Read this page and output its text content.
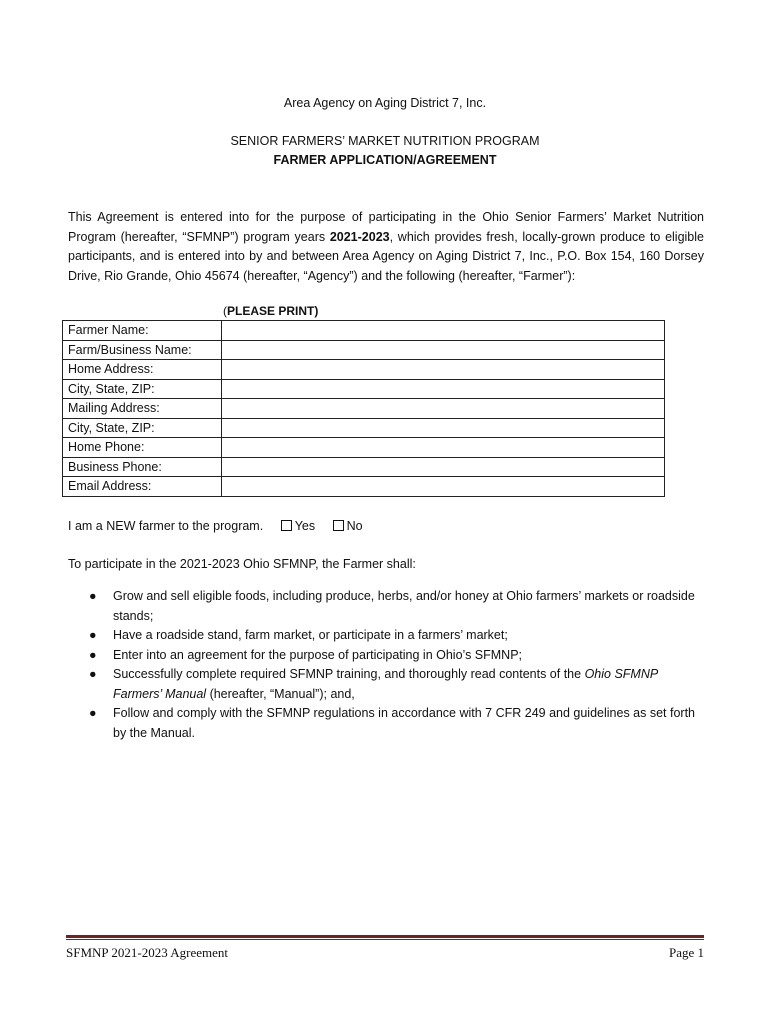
Area Agency on Aging District 7, Inc.
SENIOR FARMERS’ MARKET NUTRITION PROGRAM
FARMER APPLICATION/AGREEMENT
This Agreement is entered into for the purpose of participating in the Ohio Senior Farmers’ Market Nutrition Program (hereafter, “SFMNP”) program years 2021-2023, which provides fresh, locally-grown produce to eligible participants, and is entered into by and between Area Agency on Aging District 7, Inc., P.O. Box 154, 160 Dorsey Drive, Rio Grande, Ohio 45674 (hereafter, “Agency”) and the following (hereafter, “Farmer”):
(PLEASE PRINT)
Farmer Name:	
Farm/Business Name:	
Home Address:	
City, State, ZIP:	
Mailing Address:	
City, State, ZIP:	
Home Phone:	
Business Phone:	
Email Address:	
I am a NEW farmer to the program.	Yes	No
To participate in the 2021-2023 Ohio SFMNP, the Farmer shall:
● Grow and sell eligible foods, including produce, herbs, and/or honey at Ohio farmers’ markets or roadside stands;
● Have a roadside stand, farm market, or participate in a farmers’ market;
● Enter into an agreement for the purpose of participating in Ohio’s SFMNP;
● Successfully complete required SFMNP training, and thoroughly read contents of the Ohio SFMNP Farmers’ Manual (hereafter, “Manual”); and,
● Follow and comply with the SFMNP regulations in accordance with 7 CFR 249 and guidelines as set forth by the Manual.
SFMNP 2021-2023 Agreement	Page 1
